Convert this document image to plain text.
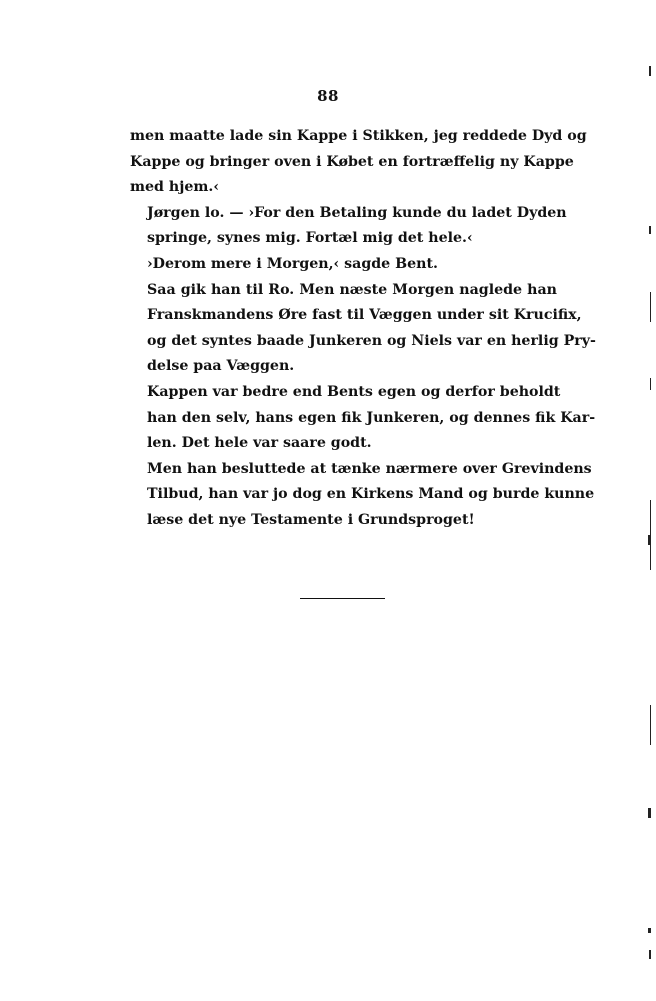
88

men maatte lade sin Kappe i Stikken, jeg reddede Dyd og
Kappe og bringer oven i Købet en fortræffelig ny Kappe
med hjem.‹

Jørgen lo. — ›For den Betaling kunde du ladet Dyden
springe, synes mig. Fortæl mig det hele.‹

›Derom mere i Morgen,‹ sagde Bent.

Saa gik han til Ro. Men næste Morgen naglede han
Franskmandens Øre fast til Væggen under sit Krucifix,
og det syntes baade Junkeren og Niels var en herlig Pry-
delse paa Væggen.

Kappen var bedre end Bents egen og derfor beholdt
han den selv, hans egen fik Junkeren, og dennes fik Kar-
len. Det hele var saare godt.

Men han besluttede at tænke nærmere over Grevindens
Tilbud, han var jo dog en Kirkens Mand og burde kunne
læse det nye Testamente i Grundsproget!
